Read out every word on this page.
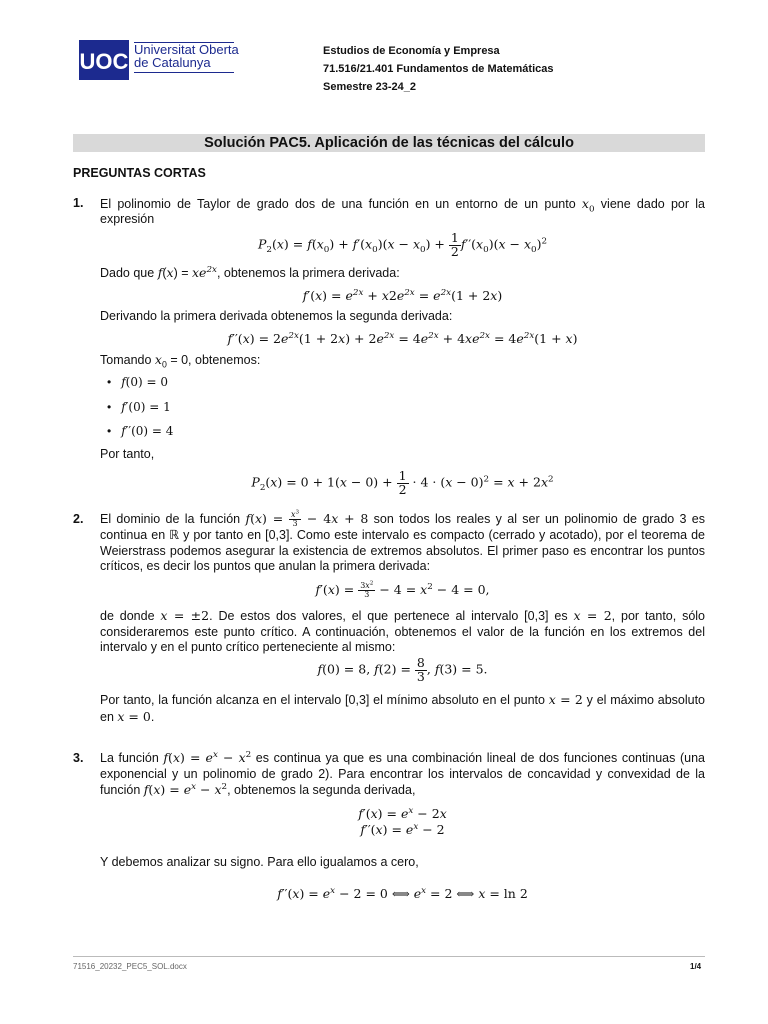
UOC Universitat Oberta
de Catalunya
Estudios de Economía y Empresa
71.516/21.401 Fundamentos de Matemáticas
Semestre 23-24_2
Solución PAC5. Aplicación de las técnicas del cálculo
PREGUNTAS CORTAS
1. El polinomio de Taylor de grado dos de una función en un entorno de un punto $x_0$ viene dado por la expresión
$P_2(x) = f(x_0) + f'(x_0)(x - x_0) + \frac{1}{2} f''(x_0)(x - x_0)^2$
Dado que $f(x) = xe^{2x}$, obtenemos la primera derivada:
$f'(x) = e^{2x} + x2e^{2x} = e^{2x}(1 + 2x)$
Derivando la primera derivada obtenemos la segunda derivada:
$f''(x) = 2e^{2x}(1 + 2x) + 2e^{2x} = 4e^{2x} + 4xe^{2x} = 4e^{2x}(1 + x)$
Tomando $x_0 = 0$, obtenemos:
•   f(0) = 0
•   f′(0) = 1
•   f′′(0) = 4
Por tanto,
$P_2(x) = 0 + 1(x - 0) + \frac{1}{2} \cdot 4 \cdot (x - 0)^2 = x + 2x^2$
2. El dominio de la función $f(x) = \frac{x^3}{3} - 4x + 8$ son todos los reales y al ser un polinomio de grado 3 es continua en ℝ y por tanto en [0,3]. Como este intervalo es compacto (cerrado y acotado), por el teorema de Weierstrass podemos asegurar la existencia de extremos absolutos. El primer paso es encontrar los puntos críticos, es decir los puntos que anulan la primera derivada:
$f'(x) = \frac{3x^2}{3} - 4 = x^2 - 4 = 0$,
de donde x = ±2. De estos dos valores, el que pertenece al intervalo [0,3] es x = 2, por tanto, sólo consideraremos este punto crítico. A continuación, obtenemos el valor de la función en los extremos del intervalo y en el punto crítico perteneciente al mismo:
f(0) = 8, $f(2) = \frac{8}{3}$ , f(3) = 5.
Por tanto, la función alcanza en el intervalo [0,3] el mínimo absoluto en el punto x = 2 y el máximo absoluto en x = 0.
3. La función $f(x) = e^x - x^2$ es continua ya que es una combinación lineal de dos funciones continuas (una exponencial y un polinomio de grado 2). Para encontrar los intervalos de concavidad y convexidad de la función $f(x) = e^x - x^2$, obtenemos la segunda derivada,
$f'(x) = e^x - 2x$
$f''(x) = e^x - 2$
Y debemos analizar su signo. Para ello igualamos a cero,
$f''(x) = e^x - 2 = 0$ ⟺ $e^x = 2$ ⟺ x = ln 2
71516_20232_PEC5_SOL.docx	1/4
